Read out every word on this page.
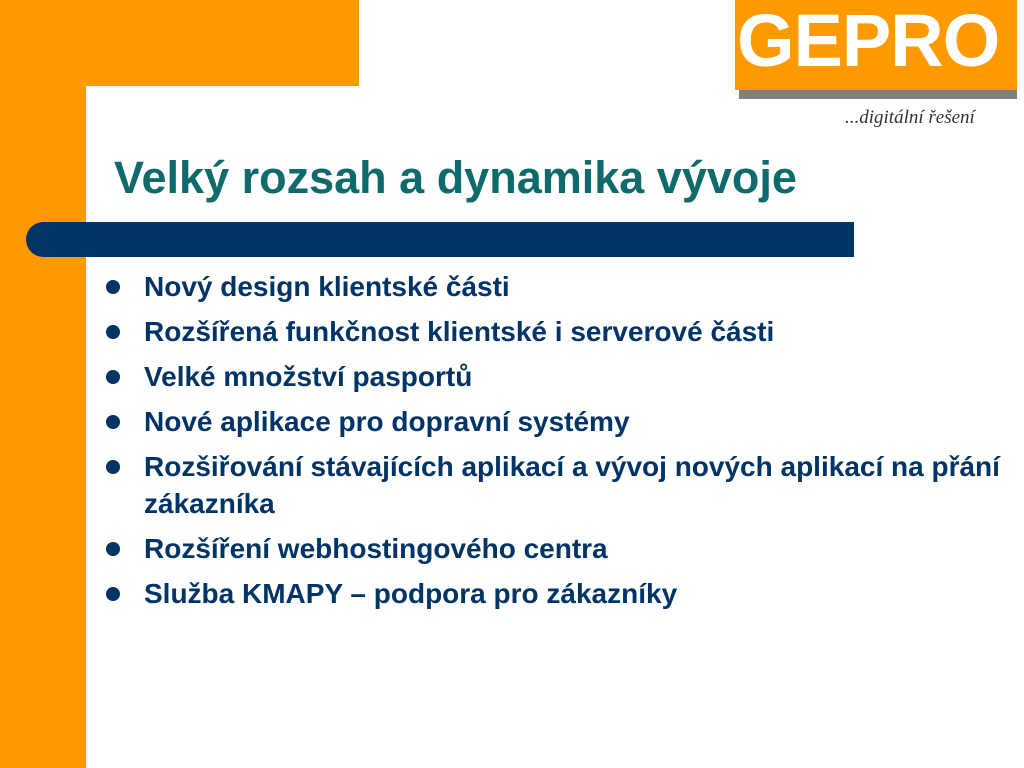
GEPRO
...digitální řešení
Velký rozsah a dynamika vývoje
Nový design klientské části
Rozšířená funkčnost klientské i serverové části
Velké množství pasportů
Nové aplikace pro dopravní systémy
Rozšiřování stávajících aplikací a vývoj nových aplikací na přání zákazníka
Rozšíření webhostingového centra
Služba KMAPY – podpora pro zákazníky
